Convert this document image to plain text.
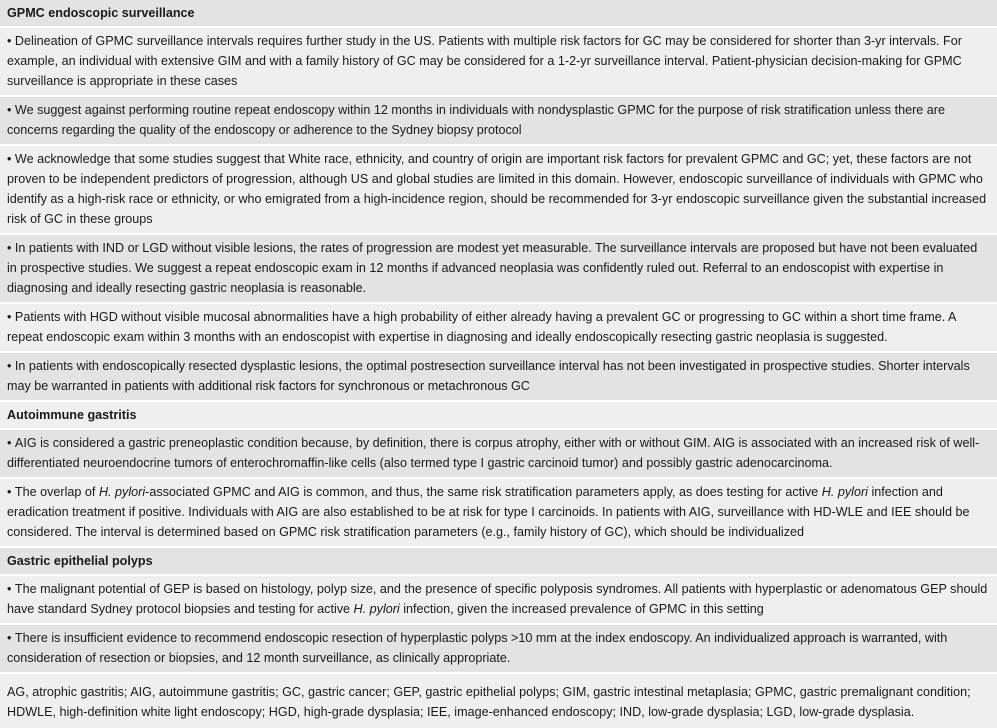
GPMC endoscopic surveillance
• Delineation of GPMC surveillance intervals requires further study in the US. Patients with multiple risk factors for GC may be considered for shorter than 3-yr intervals. For example, an individual with extensive GIM and with a family history of GC may be considered for a 1-2-yr surveillance interval. Patient-physician decision-making for GPMC surveillance is appropriate in these cases
• We suggest against performing routine repeat endoscopy within 12 months in individuals with nondysplastic GPMC for the purpose of risk stratification unless there are concerns regarding the quality of the endoscopy or adherence to the Sydney biopsy protocol
• We acknowledge that some studies suggest that White race, ethnicity, and country of origin are important risk factors for prevalent GPMC and GC; yet, these factors are not proven to be independent predictors of progression, although US and global studies are limited in this domain. However, endoscopic surveillance of individuals with GPMC who identify as a high-risk race or ethnicity, or who emigrated from a high-incidence region, should be recommended for 3-yr endoscopic surveillance given the substantial increased risk of GC in these groups
• In patients with IND or LGD without visible lesions, the rates of progression are modest yet measurable. The surveillance intervals are proposed but have not been evaluated in prospective studies. We suggest a repeat endoscopic exam in 12 months if advanced neoplasia was confidently ruled out. Referral to an endoscopist with expertise in diagnosing and ideally resecting gastric neoplasia is reasonable.
• Patients with HGD without visible mucosal abnormalities have a high probability of either already having a prevalent GC or progressing to GC within a short time frame. A repeat endoscopic exam within 3 months with an endoscopist with expertise in diagnosing and ideally endoscopically resecting gastric neoplasia is suggested.
• In patients with endoscopically resected dysplastic lesions, the optimal postresection surveillance interval has not been investigated in prospective studies. Shorter intervals may be warranted in patients with additional risk factors for synchronous or metachronous GC
Autoimmune gastritis
• AIG is considered a gastric preneoplastic condition because, by definition, there is corpus atrophy, either with or without GIM. AIG is associated with an increased risk of well-differentiated neuroendocrine tumors of enterochromaffin-like cells (also termed type I gastric carcinoid tumor) and possibly gastric adenocarcinoma.
• The overlap of H. pylori-associated GPMC and AIG is common, and thus, the same risk stratification parameters apply, as does testing for active H. pylori infection and eradication treatment if positive. Individuals with AIG are also established to be at risk for type I carcinoids. In patients with AIG, surveillance with HD-WLE and IEE should be considered. The interval is determined based on GPMC risk stratification parameters (e.g., family history of GC), which should be individualized
Gastric epithelial polyps
• The malignant potential of GEP is based on histology, polyp size, and the presence of specific polyposis syndromes. All patients with hyperplastic or adenomatous GEP should have standard Sydney protocol biopsies and testing for active H. pylori infection, given the increased prevalence of GPMC in this setting
• There is insufficient evidence to recommend endoscopic resection of hyperplastic polyps >10 mm at the index endoscopy. An individualized approach is warranted, with consideration of resection or biopsies, and 12 month surveillance, as clinically appropriate.
AG, atrophic gastritis; AIG, autoimmune gastritis; GC, gastric cancer; GEP, gastric epithelial polyps; GIM, gastric intestinal metaplasia; GPMC, gastric premalignant condition; HDWLE, high-definition white light endoscopy; HGD, high-grade dysplasia; IEE, image-enhanced endoscopy; IND, low-grade dysplasia; LGD, low-grade dysplasia.
